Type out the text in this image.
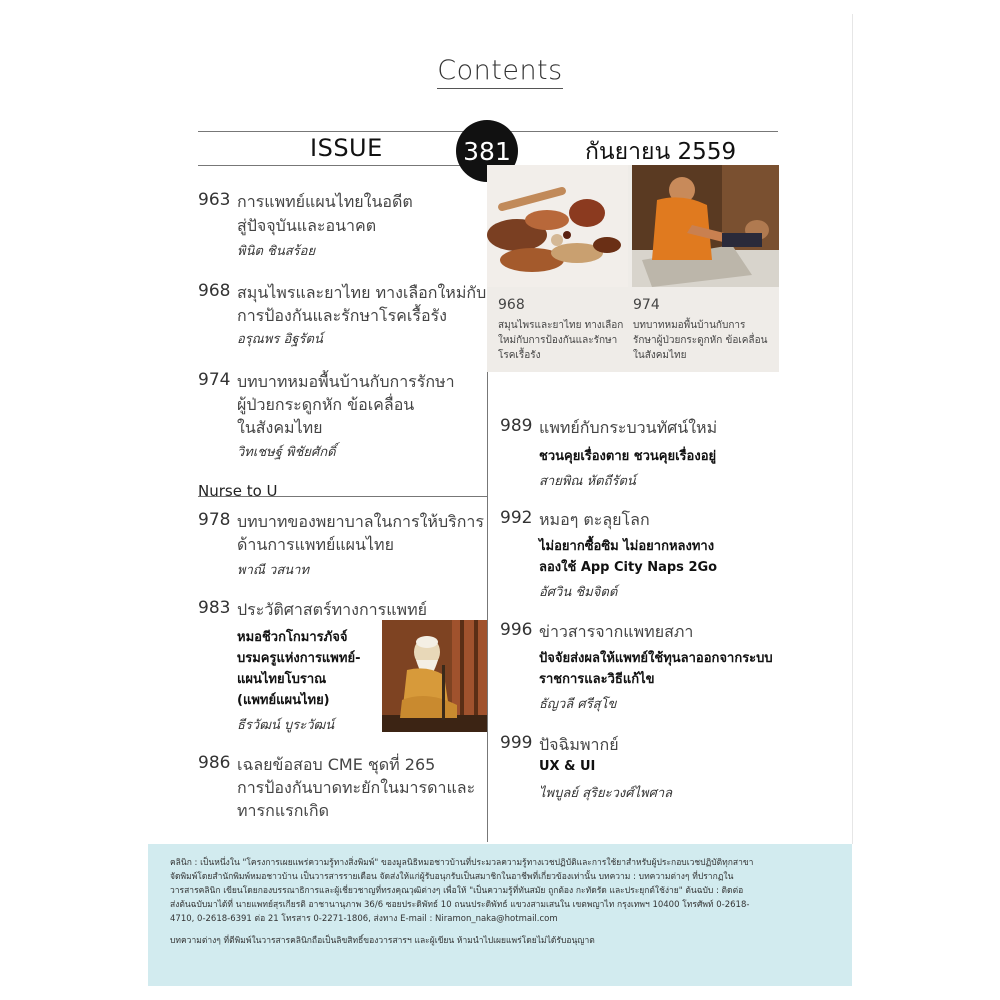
Contents
ISSUE	381	กันยายน 2559
963 การแพทย์แผนไทยในอดีต
สู่ปัจจุบันและอนาคต
พินิต ชินสร้อย
968 สมุนไพรและยาไทย ทางเลือกใหม่กับ
การป้องกันและรักษาโรคเรื้อรัง
อรุณพร อิฐรัตน์
974 บทบาทหมอพื้นบ้านกับการรักษา
ผู้ป่วยกระดูกหัก ข้อเคลื่อน
ในสังคมไทย
วิทเชษฐ์ พิชัยศักดิ์
Nurse to U
978 บทบาทของพยาบาลในการให้บริการ
ด้านการแพทย์แผนไทย
พาณี วสนาท
983 ประวัติศาสตร์ทางการแพทย์
หมอชีวกโกมารภัจจ์
บรมครูแห่งการแพทย์-
แผนไทยโบราณ
(แพทย์แผนไทย)
ธีรวัฒน์ บูระวัฒน์
986 เฉลยข้อสอบ CME ชุดที่ 265
การป้องกันบาดทะยักในมารดาและ
ทารกแรกเกิด
968
สมุนไพรและยาไทย ทางเลือก
ใหม่กับการป้องกันและรักษา
โรคเรื้อรัง
974
บทบาทหมอพื้นบ้านกับการ
รักษาผู้ป่วยกระดูกหัก ข้อเคลื่อน
ในสังคมไทย
989 แพทย์กับกระบวนทัศน์ใหม่
ชวนคุยเรื่องตาย ชวนคุยเรื่องอยู่
สายพิณ หัตถีรัตน์
992 หมอๆ ตะลุยโลก
ไม่อยากซื้อซิม ไม่อยากหลงทาง
ลองใช้ App City Naps 2Go
อัศวิน ชิมจิตต์
996 ข่าวสารจากแพทยสภา
ปัจจัยส่งผลให้แพทย์ใช้ทุนลาออกจากระบบ
ราชการและวิธีแก้ไข
ธัญวลี ศรีสุโข
999 ปัจฉิมพากย์
UX & UI
ไพบูลย์ สุริยะวงศ์ไพศาล
คลินิก : เป็นหนึ่งใน "โครงการเผยแพร่ความรู้ทางสิ่งพิมพ์" ของมูลนิธิหมอชาวบ้านที่ประมวลความรู้ทางเวชปฏิบัติและการใช้ยาสำหรับผู้ประกอบเวชปฏิบัติทุกสาขา
จัดพิมพ์โดยสำนักพิมพ์หมอชาวบ้าน เป็นวารสารรายเดือน จัดส่งให้แก่ผู้รับอนุกรับเป็นสมาชิกในอาชีพที่เกี่ยวข้องเท่านั้น บทความ : บทความต่างๆ ที่ปรากฏใน
วารสารคลินิก เขียนโดยกองบรรณาธิการและผู้เชี่ยวชาญที่ทรงคุณวุฒิต่างๆ เพื่อให้ "เป็นความรู้ที่ทันสมัย ถูกต้อง กะทัดรัด และประยุกต์ใช้ง่าย" ต้นฉบับ : ติดต่อ
ส่งต้นฉบับมาได้ที่ นายแพทย์สุรเกียรติ อาชานานุภาพ 36/6 ซอยประดิพัทธ์ 10 ถนนประดิพัทธ์ แขวงสามเสนใน เขตพญาไท กรุงเทพฯ 10400 โทรศัพท์ 0-2618-
4710, 0-2618-6391 ต่อ 21 โทรสาร 0-2271-1806, ส่งทาง E-mail : Niramon_naka@hotmail.com
บทความต่างๆ ที่ตีพิมพ์ในวารสารคลินิกถือเป็นลิขสิทธิ์ของวารสารฯ และผู้เขียน ห้ามนำไปเผยแพร่โดยไม่ได้รับอนุญาต
